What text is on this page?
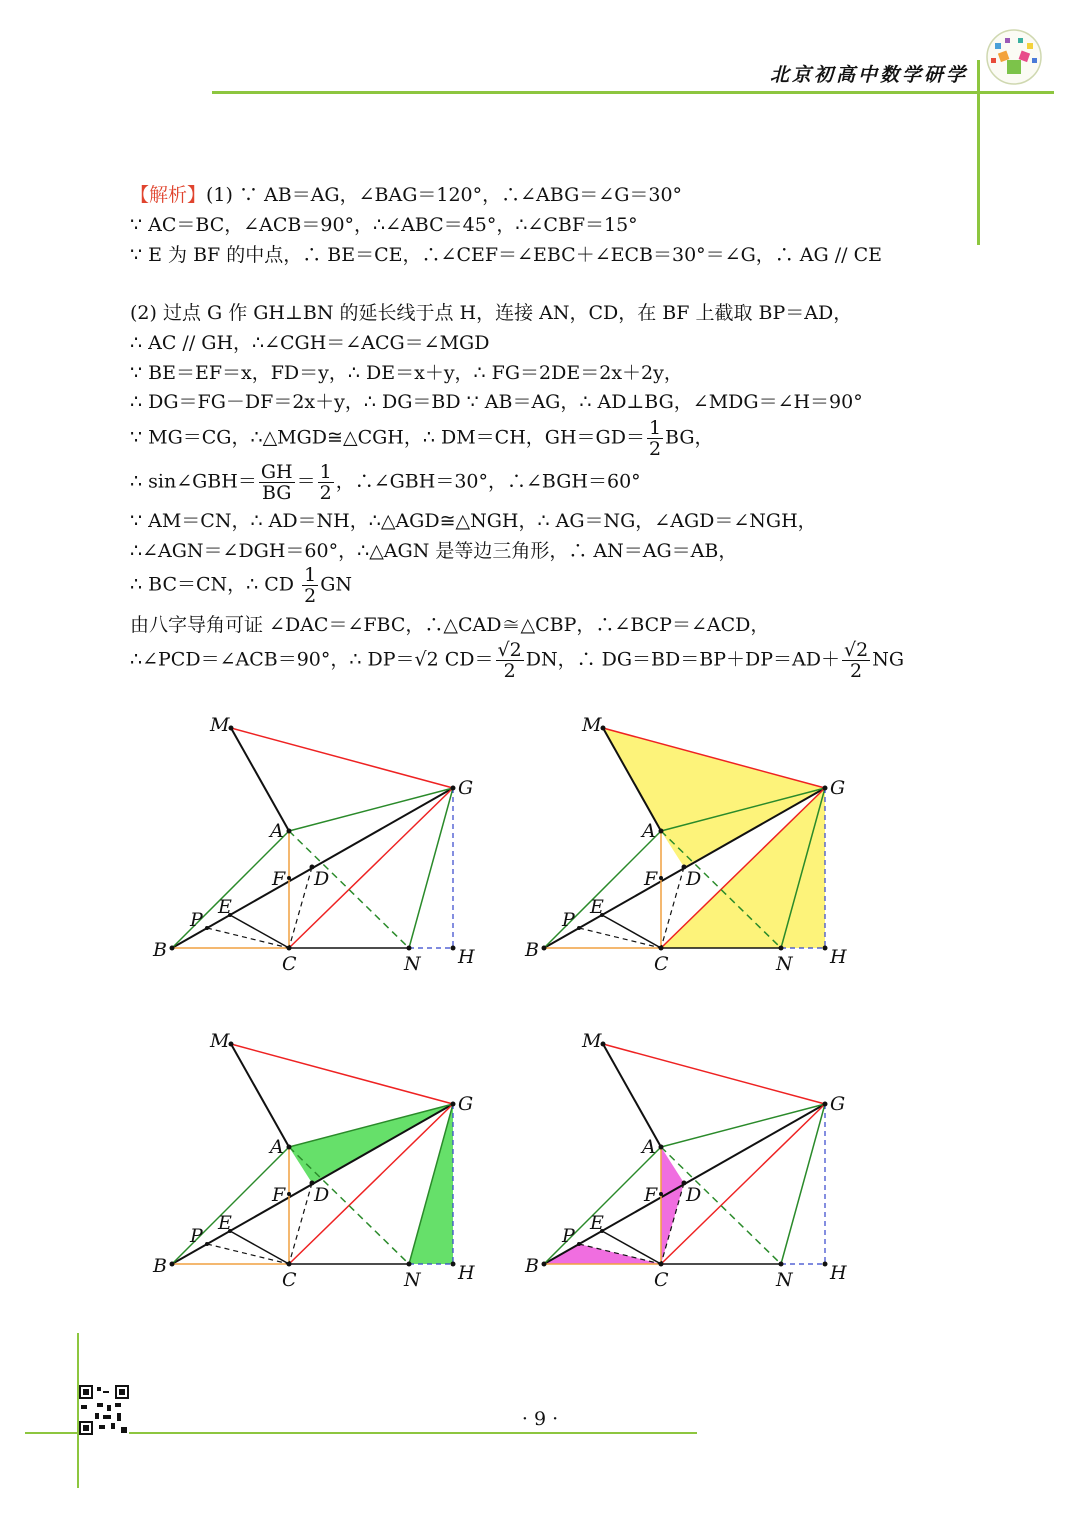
北京初高中数学研学
【解析】(1) ∵ AB＝AG，∠BAG＝120°，∴∠ABG＝∠G＝30°
∵ AC＝BC，∠ACB＝90°，∴∠ABC＝45°，∴∠CBF＝15°
∵ E 为 BF 的中点，∴ BE＝CE，∴∠CEF＝∠EBC＋∠ECB＝30°＝∠G，∴ AG // CE
(2) 过点 G 作 GH⊥BN 的延长线于点 H，连接 AN，CD，在 BF 上截取 BP＝AD，
∴ AC // GH，∴∠CGH＝∠ACG＝∠MGD
∵ BE＝EF＝x，FD＝y，∴ DE＝x＋y，∴ FG＝2DE＝2x＋2y，
∴ DG＝FG－DF＝2x＋y，∴ DG＝BD ∵ AB＝AG，∴ AD⊥BG，∠MDG＝∠H＝90°
∵ MG＝CG，∴△MGD≅△CGH，∴ DM＝CH，$GH=GD= \frac{1}{2}$ BG，
∴ sin∠GBH＝ $\frac{GH}{BG} = \frac{1}{2}$ ，∴∠GBH＝30°，∴∠BGH＝60°
∵ AM＝CN，∴ AD＝NH，∴△AGD≅△NGH，∴ AG＝NG，∠AGD＝∠NGH，
∴∠AGN＝∠DGH＝60°，∴△AGN 是等边三角形，∴ AN＝AG＝AB，
∴ BC＝CN，∴ CD $\frac{1}{2}$ GN
由八字导角可证 ∠DAC＝∠FBC，∴△CAD≅△CBP，∴∠BCP＝∠ACD，
∴∠PCD＝∠ACB＝90°，∴ DP＝√2 $CD= \frac{√2}{2}$ DN，∴ $DG=BD=BP+DP=AD+ \frac{√2}{2}$ NG
M
G
A
F D
P
E
B
C	N H
M
G
A
F D
P
E
B
C	N H
M
G
A
F D
P
E
B
C	N H
M
G
A
F D
P
E
B
C	N H
· 9 ·
